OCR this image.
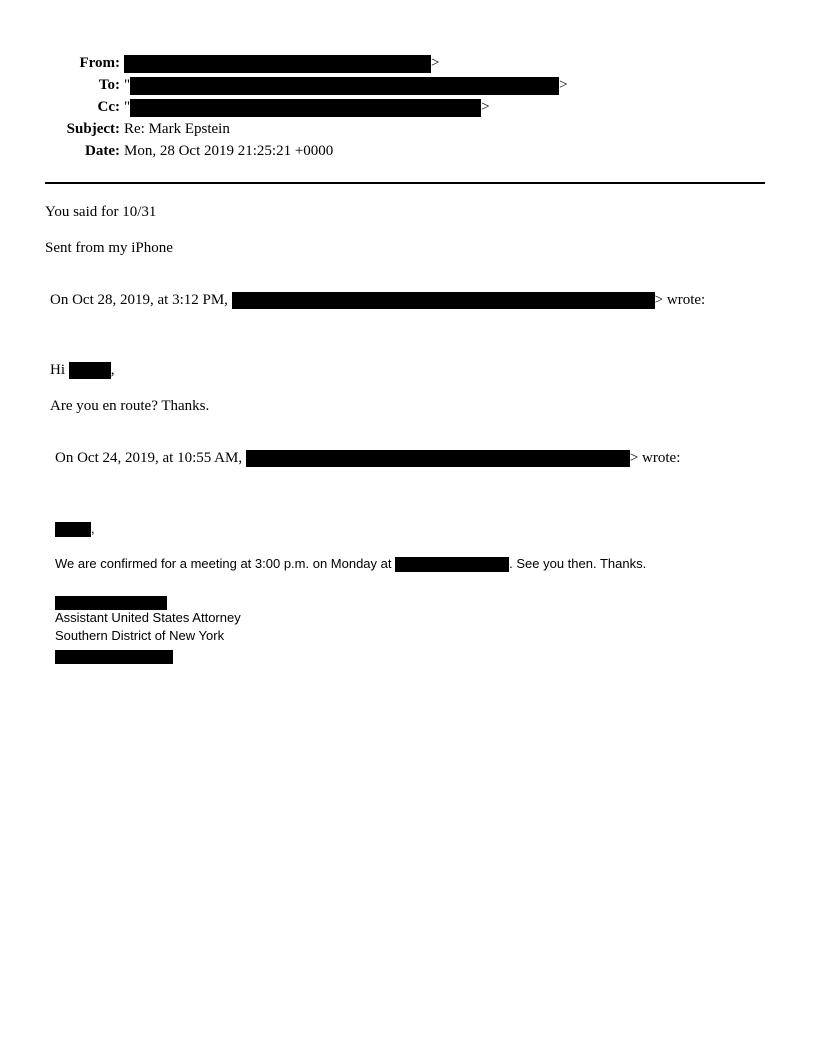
From:	>
To: "	>
Cc: "	>
Subject: Re: Mark Epstein
Date: Mon, 28 Oct 2019 21:25:21 +0000
You said for 10/31
Sent from my iPhone
On Oct 28, 2019, at 3:12 PM,	> wrote:
Hi	,
Are you en route? Thanks.
On Oct 24, 2019, at 10:55 AM,	> wrote:
,
We are confirmed for a meeting at 3:00 p.m. on Monday at	. See you then. Thanks.
Assistant United States Attorney
Southern District of New York
